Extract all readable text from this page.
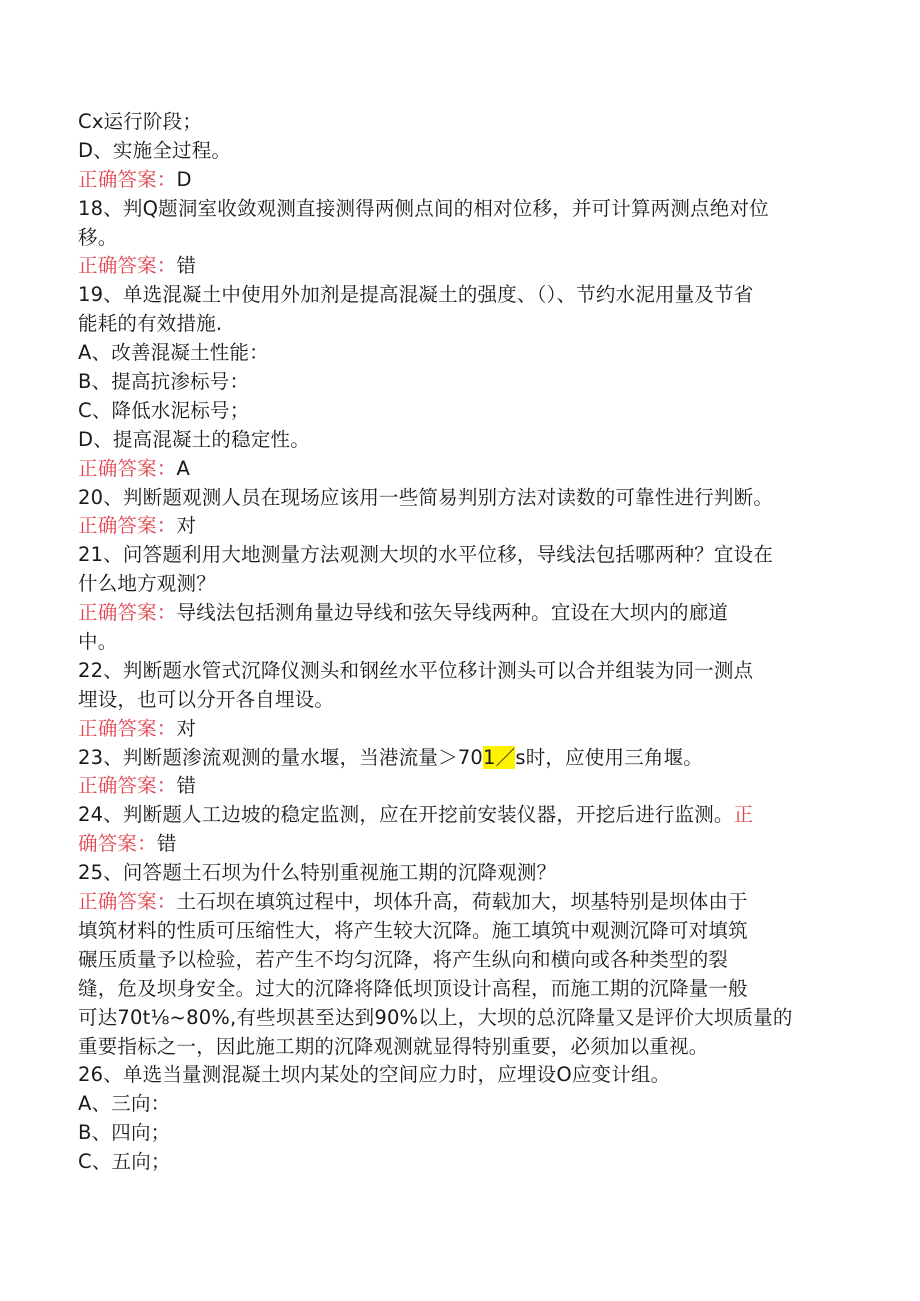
Cx运行阶段；
D、实施全过程。
正确答案：D
18、判Q题洞室收敛观测直接测得两侧点间的相对位移，并可计算两测点绝对位
移。
正确答案：错
19、单选混凝土中使用外加剂是提高混凝土的强度、（）、节约水泥用量及节省
能耗的有效措施.
A、改善混凝土性能：
B、提高抗渗标号：
C、降低水泥标号；
D、提高混凝土的稳定性。
正确答案：A
20、判断题观测人员在现场应该用一些简易判别方法对读数的可靠性进行判断。
正确答案：对
21、问答题利用大地测量方法观测大坝的水平位移，导线法包括哪两种？宜设在
什么地方观测？
正确答案：导线法包括测角量边导线和弦矢导线两种。宜设在大坝内的廊道
中。
22、判断题水管式沉降仪测头和钢丝水平位移计测头可以合并组装为同一测点
埋设，也可以分开各自埋设。
正确答案：对
23、判断题渗流观测的量水堰，当港流量＞701／s时，应使用三角堰。
正确答案：错
24、判断题人工边坡的稳定监测，应在开挖前安装仪器，开挖后进行监测。正
确答案：错
25、问答题土石坝为什么特别重视施工期的沉降观测？
正确答案：土石坝在填筑过程中，坝体升高，荷载加大，坝基特别是坝体由于
填筑材料的性质可压缩性大，将产生较大沉降。施工填筑中观测沉降可对填筑
碾压质量予以检验，若产生不均匀沉降，将产生纵向和横向或各种类型的裂
缝，危及坝身安全。过大的沉降将降低坝顶设计高程，而施工期的沉降量一般
可达70t⅛~80%,有些坝甚至达到90%以上，大坝的总沉降量又是评价大坝质量的
重要指标之一，因此施工期的沉降观测就显得特别重要，必须加以重视。
26、单选当量测混凝土坝内某处的空间应力时，应埋设O应变计组。
A、三向：
B、四向；
C、五向；
